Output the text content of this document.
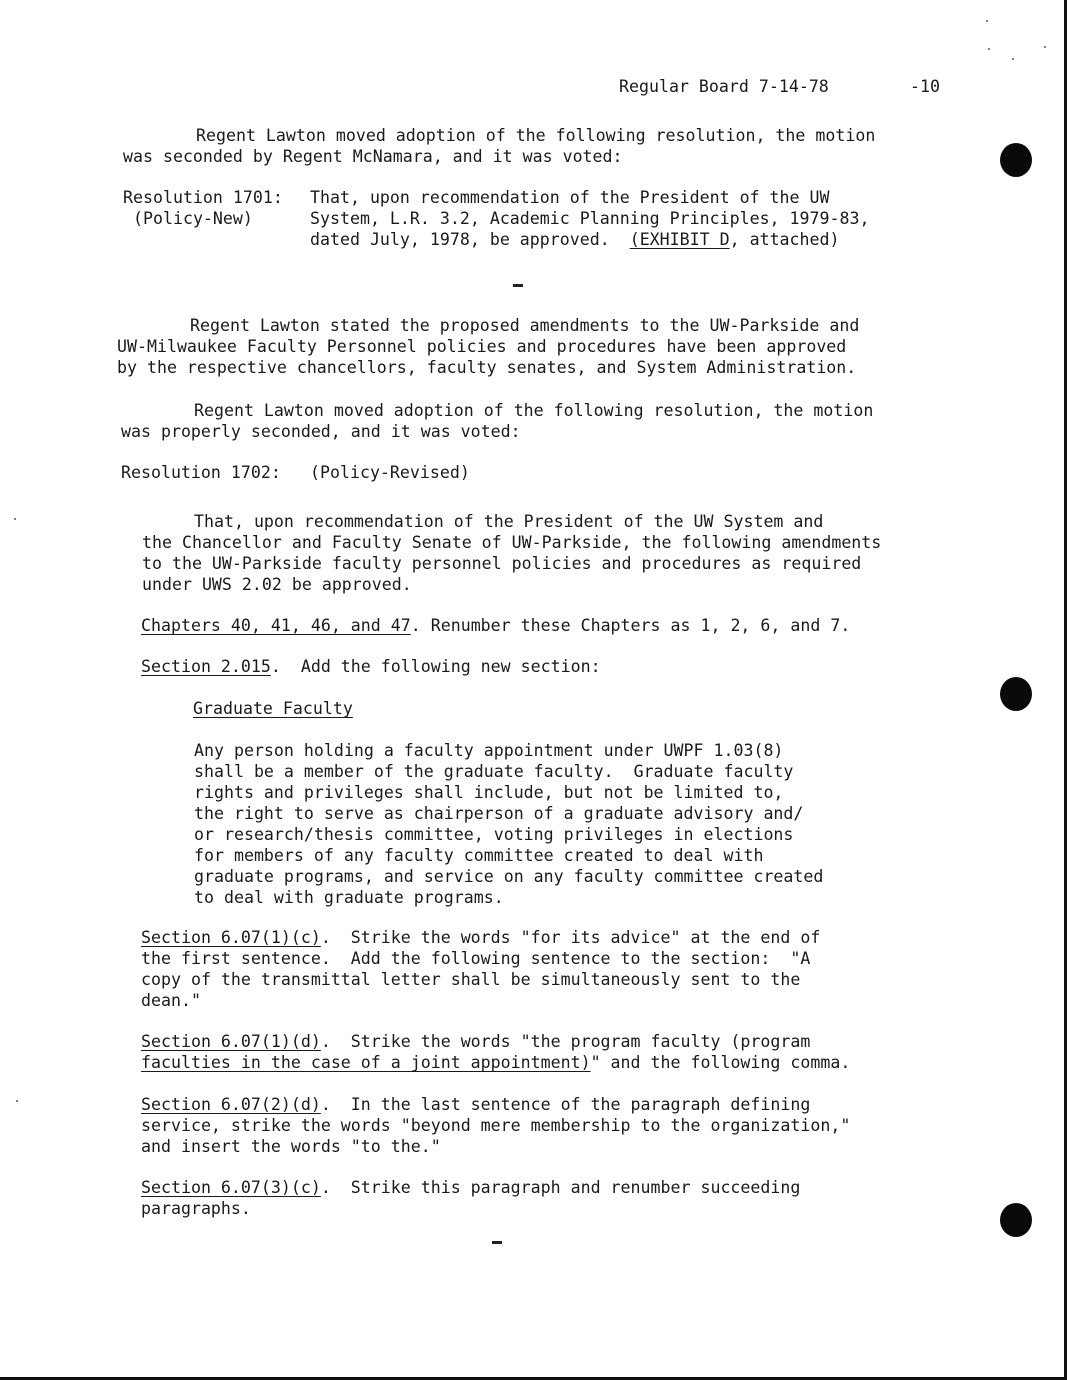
Regular Board 7-14-78	-10
Regent Lawton moved adoption of the following resolution, the motion
was seconded by Regent McNamara, and it was voted:
Resolution 1701:
(Policy-New)
That, upon recommendation of the President of the UW
System, L.R. 3.2, Academic Planning Principles, 1979-83,
dated July, 1978, be approved. (EXHIBIT D, attached)
Regent Lawton stated the proposed amendments to the UW-Parkside and
UW-Milwaukee Faculty Personnel policies and procedures have been approved
by the respective chancellors, faculty senates, and System Administration.
Regent Lawton moved adoption of the following resolution, the motion
was properly seconded, and it was voted:
Resolution 1702: (Policy-Revised)
That, upon recommendation of the President of the UW System and
the Chancellor and Faculty Senate of UW-Parkside, the following amendments
to the UW-Parkside faculty personnel policies and procedures as required
under UWS 2.02 be approved.
Chapters 40, 41, 46, and 47. Renumber these Chapters as 1, 2, 6, and 7.
Section 2.015.  Add the following new section:
Graduate Faculty
Any person holding a faculty appointment under UWPF 1.03(8)
shall be a member of the graduate faculty.  Graduate faculty
rights and privileges shall include, but not be limited to,
the right to serve as chairperson of a graduate advisory and/
or research/thesis committee, voting privileges in elections
for members of any faculty committee created to deal with
graduate programs, and service on any faculty committee created
to deal with graduate programs.
Section 6.07(1)(c).  Strike the words "for its advice" at the end of
the first sentence.  Add the following sentence to the section:  "A
copy of the transmittal letter shall be simultaneously sent to the
dean."
Section 6.07(1)(d).  Strike the words "the program faculty (program
faculties in the case of a joint appointment)" and the following comma.
Section 6.07(2)(d).  In the last sentence of the paragraph defining
service, strike the words "beyond mere membership to the organization,"
and insert the words "to the."
Section 6.07(3)(c).  Strike this paragraph and renumber succeeding
paragraphs.
